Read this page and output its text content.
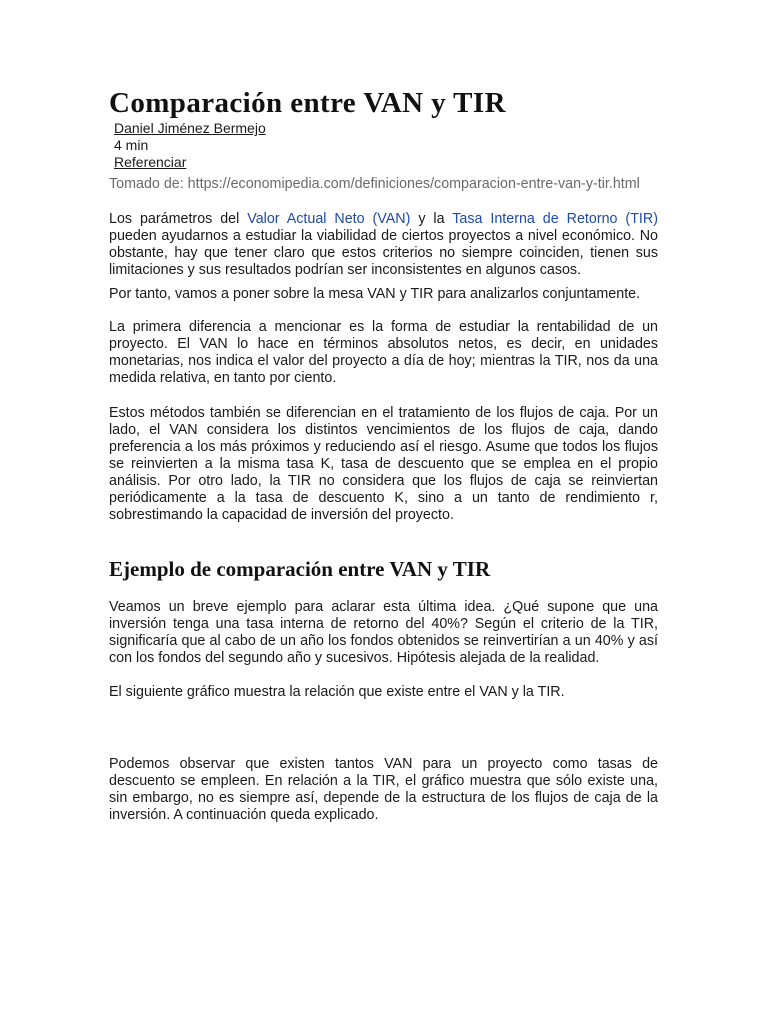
Comparación entre VAN y TIR
Daniel Jiménez Bermejo
4 min
Referenciar

Tomado de: https://economipedia.com/definiciones/comparacion-entre-van-y-tir.html

Los parámetros del Valor Actual Neto (VAN) y la Tasa Interna de Retorno (TIR) pueden ayudarnos a estudiar la viabilidad de ciertos proyectos a nivel económico. No obstante, hay que tener claro que estos criterios no siempre coinciden, tienen sus limitaciones y sus resultados podrían ser inconsistentes en algunos casos.

Por tanto, vamos a poner sobre la mesa VAN y TIR para analizarlos conjuntamente.

La primera diferencia a mencionar es la forma de estudiar la rentabilidad de un proyecto. El VAN lo hace en términos absolutos netos, es decir, en unidades monetarias, nos indica el valor del proyecto a día de hoy; mientras la TIR, nos da una medida relativa, en tanto por ciento.

Estos métodos también se diferencian en el tratamiento de los flujos de caja. Por un lado, el VAN considera los distintos vencimientos de los flujos de caja, dando preferencia a los más próximos y reduciendo así el riesgo. Asume que todos los flujos se reinvierten a la misma tasa K, tasa de descuento que se emplea en el propio análisis. Por otro lado, la TIR no considera que los flujos de caja se reinviertan periódicamente a la tasa de descuento K, sino a un tanto de rendimiento r, sobrestimando la capacidad de inversión del proyecto.

Ejemplo de comparación entre VAN y TIR

Veamos un breve ejemplo para aclarar esta última idea. ¿Qué supone que una inversión tenga una tasa interna de retorno del 40%? Según el criterio de la TIR, significaría que al cabo de un año los fondos obtenidos se reinvertirían a un 40% y así con los fondos del segundo año y sucesivos. Hipótesis alejada de la realidad.

El siguiente gráfico muestra la relación que existe entre el VAN y la TIR.

Podemos observar que existen tantos VAN para un proyecto como tasas de descuento se empleen. En relación a la TIR, el gráfico muestra que sólo existe una, sin embargo, no es siempre así, depende de la estructura de los flujos de caja de la inversión. A continuación queda explicado.
